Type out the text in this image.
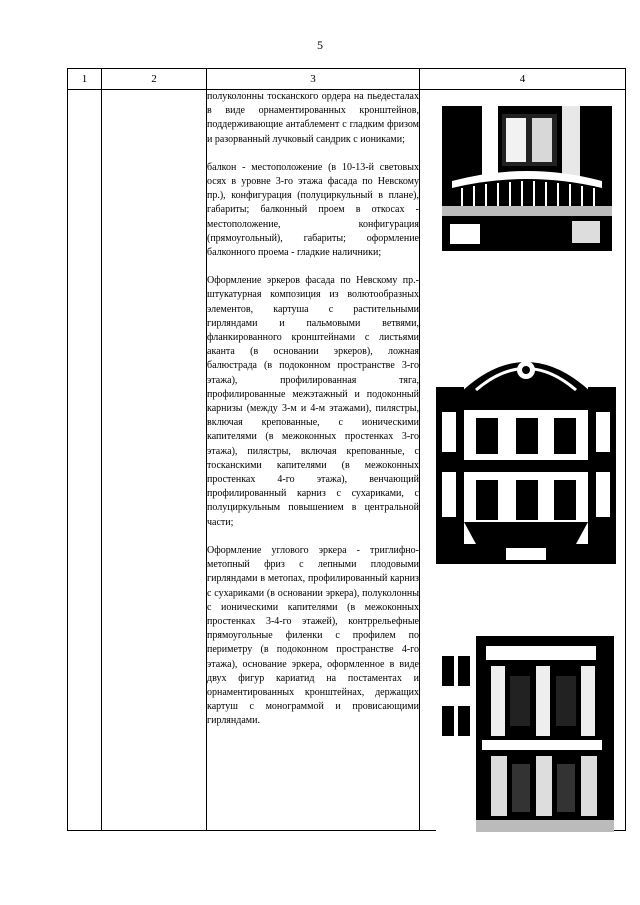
5
1	2	3	4

		полуколонны тосканского ордера на пьедесталах в виде орнаментированных кронштейнов, поддерживающие антаблемент с гладким фризом и разорванный лучковый сандрик с иониками;

балкон - местоположение (в 10-13-й световых осях в уровне 3-го этажа фасада по Невскому пр.), конфигурация (полуциркульный в плане), габариты; балконный проем в откосах - местоположение, конфигурация (прямоугольный), габариты; оформление балконного проема - гладкие наличники;

Оформление эркеров фасада по Невскому пр.- штукатурная композиция из волютообразных элементов, картуша с растительными гирляндами и пальмовыми ветвями, фланкированного кронштейнами с листьями аканта (в основании эркеров), ложная балюстрада (в подоконном пространстве 3-го этажа), профилированная тяга, профилированные межэтажный и подоконный карнизы (между 3-м и 4-м этажами), пилястры, включая крепованные, с ионическими капителями (в межоконных простенках 3-го этажа), пилястры, включая крепованные, с тосканскими капителями (в межоконных простенках 4-го этажа), венчающий профилированный карниз с сухариками, с полуциркульным повышением в центральной части;

Оформление углового эркера - триглифно-метопный фриз с лепными плодовыми гирляндами в метопах, профилированный карниз с сухариками (в основании эркера), полуколонны с ионическими капителями (в межоконных простенках 3-4-го этажей), контррельефные прямоугольные филенки с профилем по периметру (в подоконном пространстве 4-го этажа), основание эркера, оформленное в виде двух фигур кариатид на постаментах и орнаментированных кронштейнах, держащих картуш с монограммой и провисающими гирляндами.
